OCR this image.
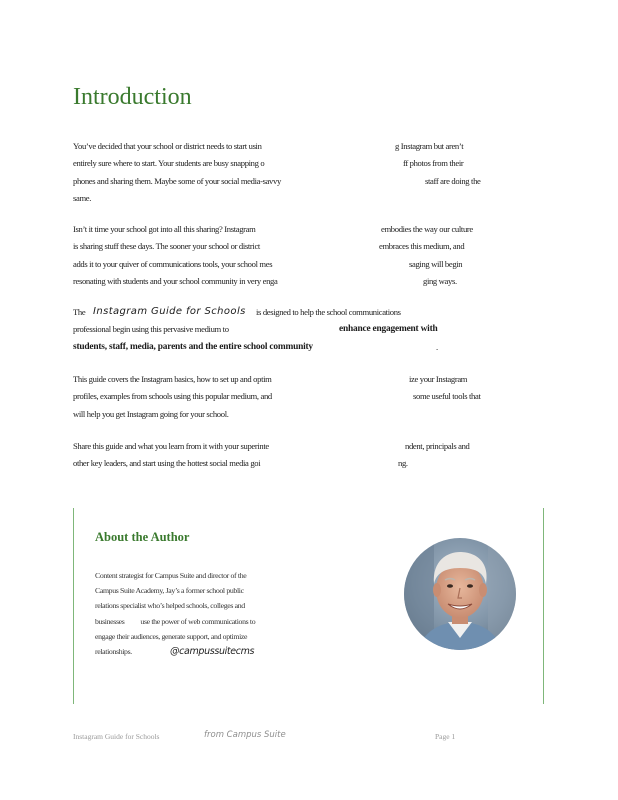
Introduction
You’ve decided that your school or district needs to start usin	g Instagram but aren’t
entirely sure where to start. Your students are busy snapping o	ff photos from their
phones and sharing them. Maybe some of your social media-savvy	staff are doing the
same.
Isn’t it time your school got into all this sharing? Instagram	embodies the way our culture
is sharing stuff these days. The sooner your school or district	embraces this medium, and
adds it to your quiver of communications tools, your school mes	saging will begin
resonating with students and your school community in very enga	ging ways.
The Instagram Guide for Schools is designed to help the school communications
professional begin using this pervasive medium to	enhance engagement with
students, staff, media, parents and the entire school community	.
This guide covers the Instagram basics, how to set up and optim	ize your Instagram
profiles, examples from schools using this popular medium, and	some useful tools that
will help you get Instagram going for your school.
Share this guide and what you learn from it with your superinte	ndent, principals and
other key leaders, and start using the hottest social media goi	ng.
About the Author
Content strategist for Campus Suite and director of the
Campus Suite Academy, Jay’s a former school public
relations specialist who’s helped schools, colleges and
businesses          use the power of web communications to
engage their audiences, generate support, and optimize
relationships.	@campussuitecms
Instagram Guide for Schools	from Campus Suite	Page 1
